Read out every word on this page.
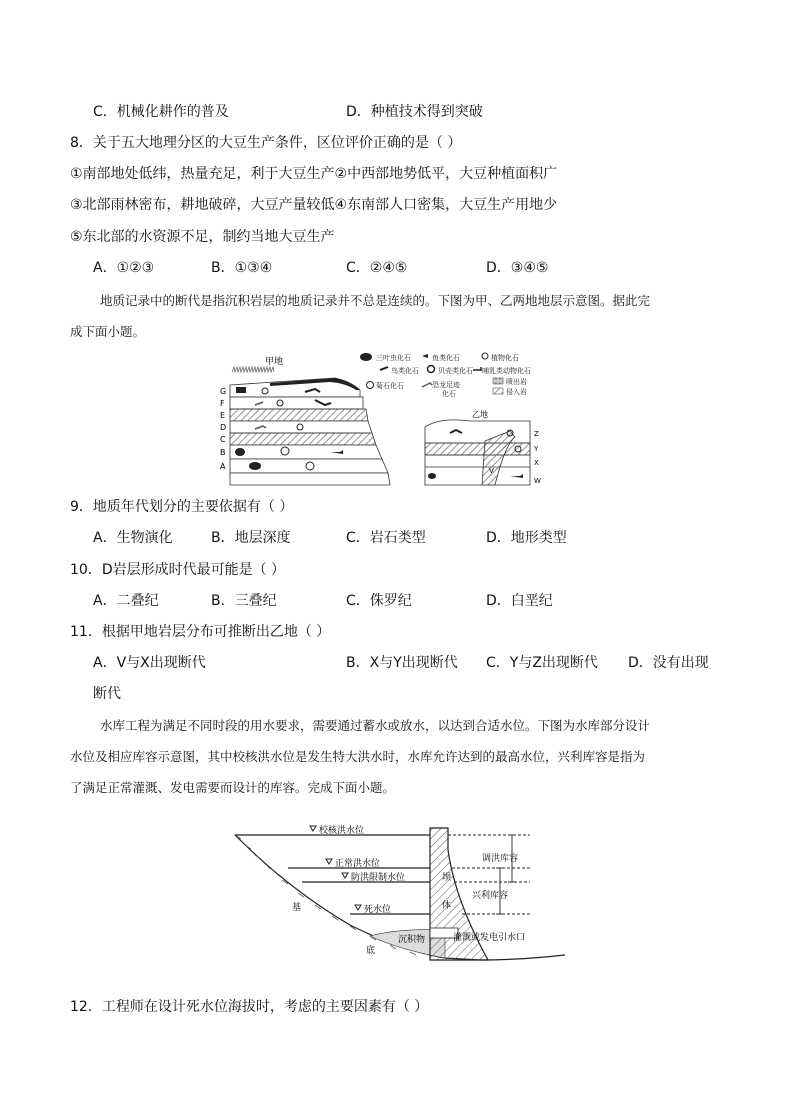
C．机械化耕作的普及	D．种植技术得到突破
8．关于五大地理分区的大豆生产条件，区位评价正确的是（ ）
①南部地处低纬，热量充足，利于大豆生产②中西部地势低平，大豆种植面积广
③北部雨林密布，耕地破碎，大豆产量较低④东南部人口密集，大豆生产用地少
⑤东北部的水资源不足，制约当地大豆生产
A．①②③	B．①③④	C．②④⑤	D．③④⑤
地质记录中的断代是指沉积岩层的地质记录并不总是连续的。下图为甲、乙两地地层示意图。据此完
成下面小题。
甲地
G
F
E
D
C
B
A
三叶虫化石	鱼类化石	植物化石
鸟类化石	贝壳类化石 哺乳类动物化石
菊石化石	恐龙足迹
化石
喷出岩
侵入岩
乙地
Z
Y
X
W
V
9．地质年代划分的主要依据有（ ）
A．生物演化	B．地层深度	C．岩石类型	D．地形类型
10．D岩层形成时代最可能是（ ）
A．二叠纪	B．三叠纪	C．侏罗纪	D．白垩纪
11．根据甲地岩层分布可推断出乙地（ ）
A．V与X出现断代	B．X与Y出现断代 C．Y与Z出现断代 D．没有出现
断代
水库工程为满足不同时段的用水要求，需要通过蓄水或放水，以达到合适水位。下图为水库部分设计
水位及相应库容示意图，其中校核洪水位是发生特大洪水时，水库允许达到的最高水位，兴利库容是指为
了满足正常灌溉、发电需要而设计的库容。完成下面小题。
校核洪水位
正常洪水位
防洪限制水位
死水位
沉积物
基
底
坝
体
灌溉或发电引水口
调洪库容
兴利库容
12．工程师在设计死水位海拔时，考虑的主要因素有（ ）
